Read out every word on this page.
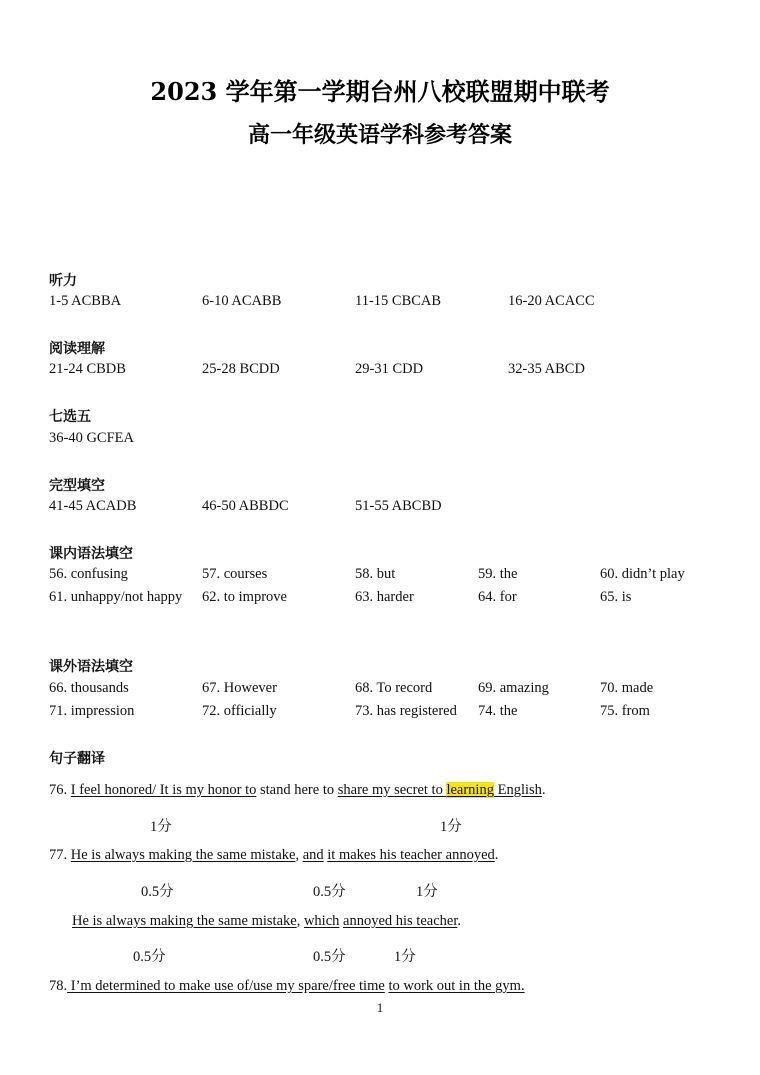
2023 学年第一学期台州八校联盟期中联考
高一年级英语学科参考答案
听力
1-5 ACBBA	6-10 ACABB	11-15 CBCAB	16-20 ACACC
阅读理解
21-24 CBDB	25-28 BCDD	29-31 CDD	32-35 ABCD
七选五
36-40 GCFEA
完型填空
41-45 ACADB	46-50 ABBDC	51-55 ABCBD
课内语法填空
56. confusing	57. courses	58. but	59. the	60. didn’t play
61. unhappy/not happy 62. to improve	63. harder	64. for	65. is
课外语法填空
66. thousands	67. However	68. To record	69. amazing	70. made
71. impression	72. officially	73. has registered 74. the	75. from
句子翻译
76. I feel honored/ It is my honor to stand here to share my secret to learning English.
1分	1分
77. He is always making the same mistake, and it makes his teacher annoyed.
0.5分	0.5分	1分
He is always making the same mistake, which annoyed his teacher.
0.5分	0.5分	1分
78. I’m determined to make use of/use my spare/free time to work out in the gym.
1
